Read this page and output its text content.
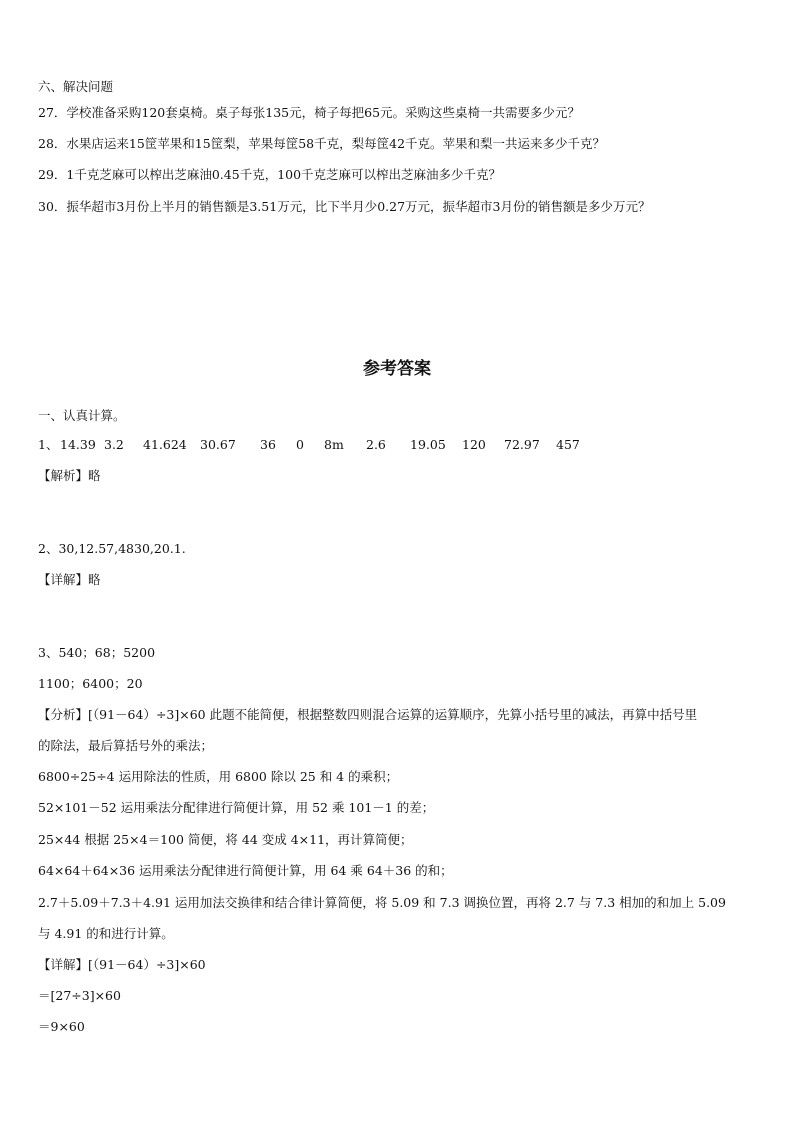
六、解决问题
27．学校准备采购120套桌椅。桌子每张135元，椅子每把65元。采购这些桌椅一共需要多少元？
28．水果店运来15筐苹果和15筐梨，苹果每筐58千克，梨每筐42千克。苹果和梨一共运来多少千克？
29．1千克芝麻可以榨出芝麻油0.45千克，100千克芝麻可以榨出芝麻油多少千克？
30．振华超市3月份上半月的销售额是3.51万元，比下半月少0.27万元，振华超市3月份的销售额是多少万元？
参考答案
一、认真计算。
1、 14.39 3.2 41.624 30.67 36 0 8m 2.6 19.05 120 72.97 457
【解析】略
2、30,12.57,4830,20.1.
【详解】略
3、540；68；5200
1100；6400；20
【分析】[（91－64）÷3]×60 此题不能简便，根据整数四则混合运算的运算顺序，先算小括号里的减法，再算中括号里
的除法，最后算括号外的乘法；
6800÷25÷4 运用除法的性质，用 6800 除以 25 和 4 的乘积；
52×101－52 运用乘法分配律进行简便计算，用 52 乘 101－1 的差；
25×44 根据 25×4＝100 简便，将 44 变成 4×11，再计算简便；
64×64＋64×36 运用乘法分配律进行简便计算，用 64 乘 64＋36 的和；
2.7＋5.09＋7.3＋4.91 运用加法交换律和结合律计算简便，将 5.09 和 7.3 调换位置，再将 2.7 与 7.3 相加的和加上 5.09
与 4.91 的和进行计算。
【详解】[（91－64）÷3]×60
＝[27÷3]×60
＝9×60
